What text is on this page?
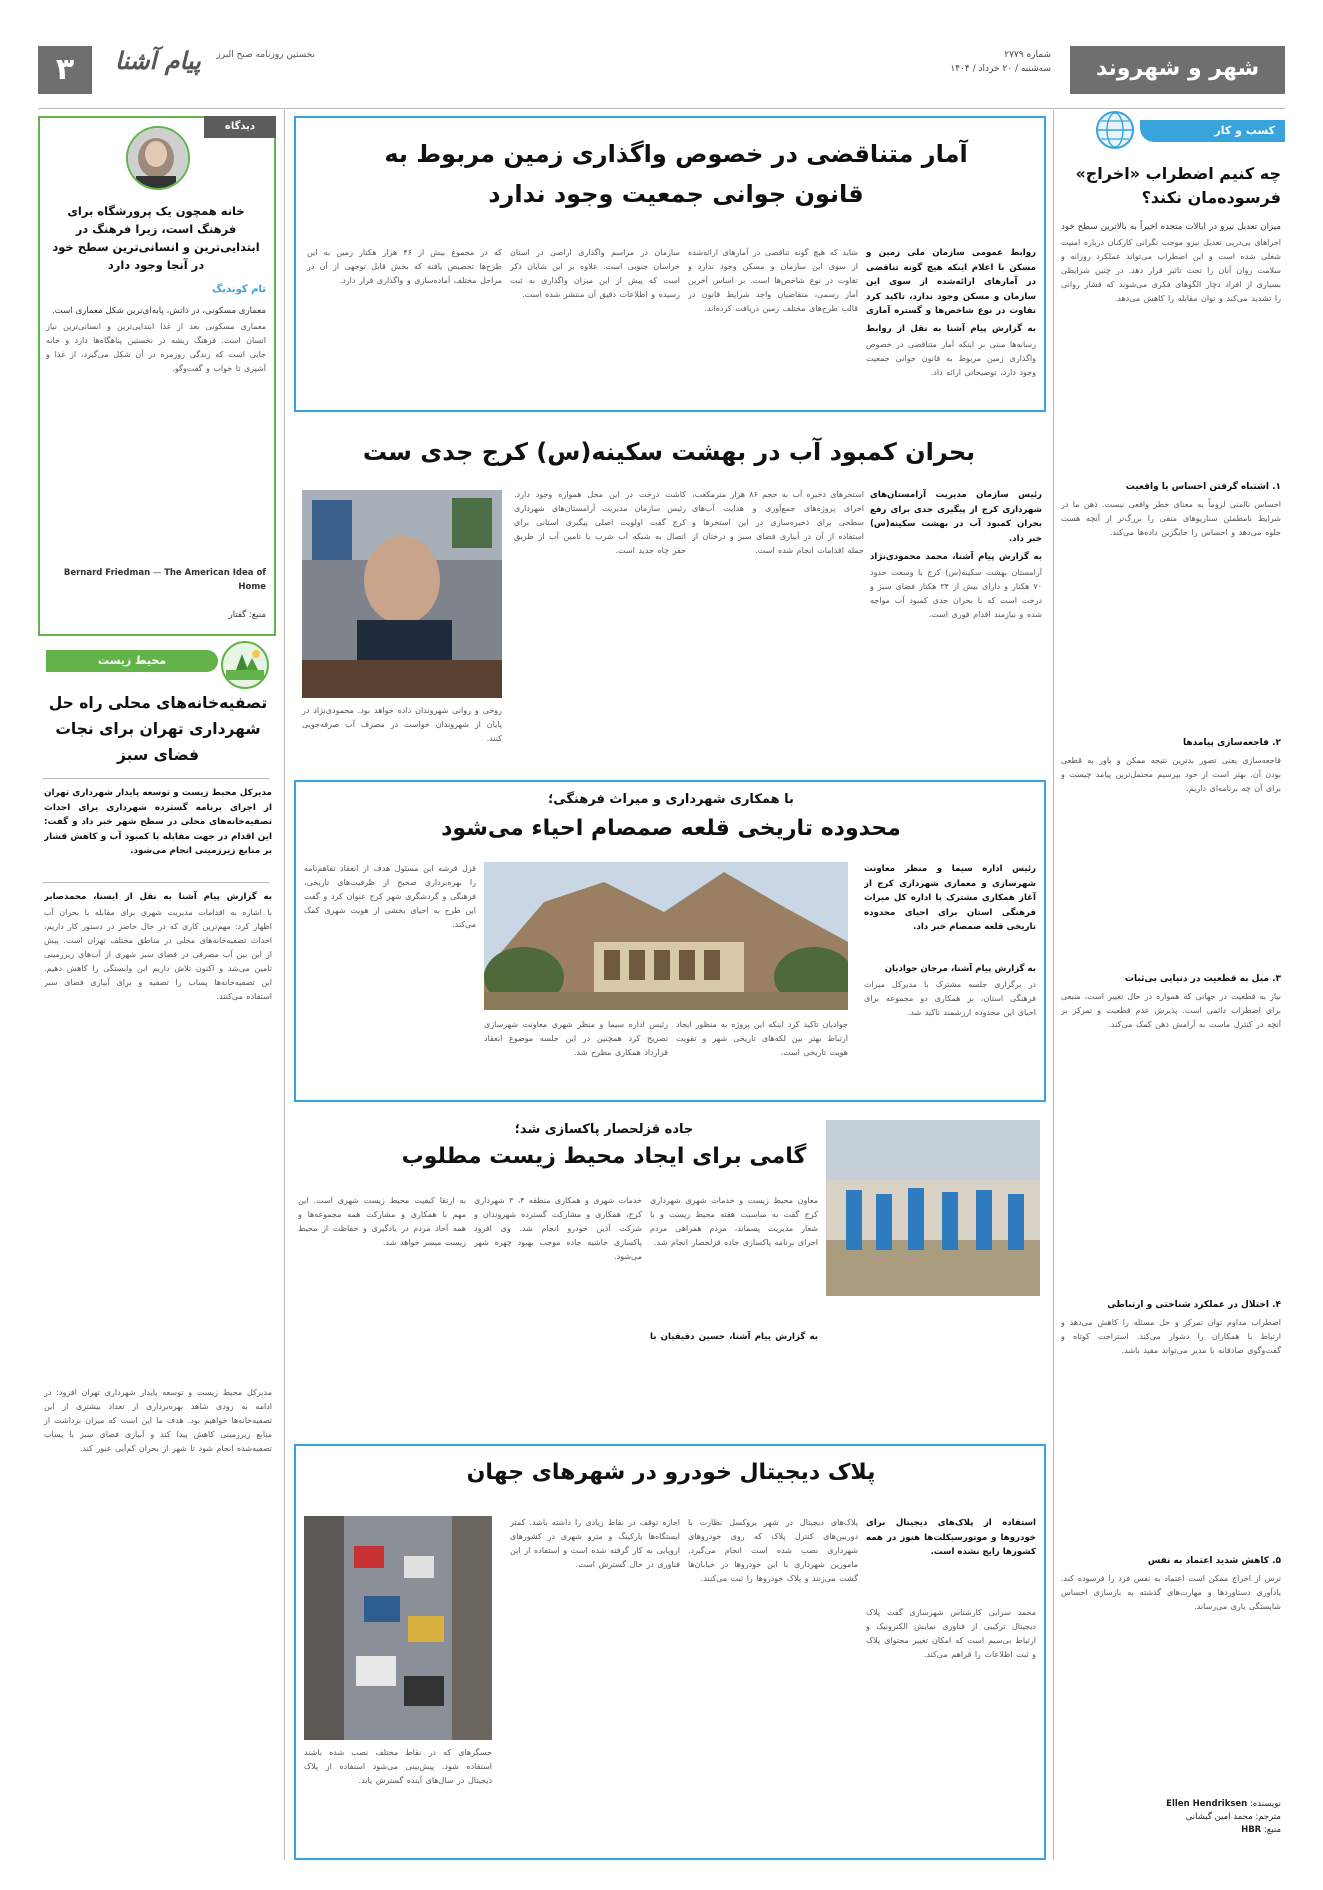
شهر و شهروند
شماره ۲۷۷۹
سه‌شنبه / ۲۰ خرداد / ۱۴۰۴
پیام آشنا نخستین روزنامه صبح البرز
۳
کسب و کار
چه کنیم اضطراب «اخراج» فرسوده‌مان نکند؟
میزان تعدیل نیرو در ایالات متحده اخیراً به بالاترین سطح خود
اجراهای پی‌درپی تعدیل نیرو موجب نگرانی کارکنان درباره امنیت شغلی شده است و این اضطراب می‌تواند عملکرد روزانه و سلامت روان آنان را تحت تاثیر قرار دهد. در چنین شرایطی بسیاری از افراد دچار الگوهای فکری می‌شوند که فشار روانی را تشدید می‌کند و توان مقابله را کاهش می‌دهد.
۱. اشتباه گرفتن احساس با واقعیت
احساس ناامنی لزوماً به معنای خطر واقعی نیست. ذهن ما در شرایط نامطمئن سناریوهای منفی را بزرگ‌تر از آنچه هست جلوه می‌دهد و احساس را جایگزین داده‌ها می‌کند.
۲. فاجعه‌سازی پیامدها
فاجعه‌سازی یعنی تصور بدترین نتیجه ممکن و باور به قطعی بودن آن. بهتر است از خود بپرسیم محتمل‌ترین پیامد چیست و برای آن چه برنامه‌ای داریم.
۳. میل به قطعیت در دنیایی بی‌ثبات
نیاز به قطعیت در جهانی که همواره در حال تغییر است، منبعی برای اضطراب دائمی است. پذیرش عدم قطعیت و تمرکز بر آنچه در کنترل ماست به آرامش ذهن کمک می‌کند.
۴. اختلال در عملکرد شناختی و ارتباطی
اضطراب مداوم توان تمرکز و حل مسئله را کاهش می‌دهد و ارتباط با همکاران را دشوار می‌کند. استراحت کوتاه و گفت‌وگوی صادقانه با مدیر می‌تواند مفید باشد.
۵. کاهش شدید اعتماد به نفس
ترس از اخراج ممکن است اعتماد به نفس فرد را فرسوده کند. یادآوری دستاوردها و مهارت‌های گذشته به بازسازی احساس شایستگی یاری می‌رساند.
نویسنده: Ellen Hendriksen
مترجم: محمد امین گیشانی
منبع: HBR
آمار متناقضی در خصوص واگذاری زمین مربوط به قانون جوانی جمعیت وجود ندارد
روابط عمومی سازمان ملی زمین و مسکن با اعلام اینکه هیچ گونه تناقضی در آمارهای ارائه‌شده از سوی این سازمان و مسکن وجود ندارد، تاکید کرد تفاوت در نوع شاخص‌ها و گستره آماری
به گزارش پیام آشنا به نقل از روابط
رسانه‌ها مبنی بر اینکه آمار متناقضی در خصوص واگذاری زمین مربوط به قانون جوانی جمعیت وجود دارد، توضیحاتی ارائه داد.
شاید که هیچ گونه تناقضی در آمارهای ارائه‌شده از سوی این سازمان و مسکن وجود ندارد و تفاوت در نوع شاخص‌ها است. بر اساس آخرین آمار رسمی، متقاضیان واجد شرایط قانون در قالب طرح‌های مختلف زمین دریافت کرده‌اند.
سازمان در مراسم واگذاری اراضی در استان خراسان جنوبی است. علاوه بر این شایان ذکر است که پیش از این میزان واگذاری به ثبت رسیده و اطلاعات دقیق آن منتشر شده است.
که در مجموع بیش از ۴۶ هزار هکتار زمین به این طرح‌ها تخصیص یافته که بخش قابل توجهی از آن در مراحل مختلف آماده‌سازی و واگذاری قرار دارد.
بحران کمبود آب در بهشت سکینه(س) کرج جدی ست
رئیس سازمان مدیریت آرامستان‌های شهرداری کرج از پیگیری جدی برای رفع بحران کمبود آب در بهشت سکینه(س) خبر داد.
به گزارش پیام آشنا، محمد محمودی‌نژاد
آرامستان بهشت سکینه(س) کرج با وسعت حدود ۷۰ هکتار و دارای بیش از ۳۴ هکتار فضای سبز و درخت است که با بحران جدی کمبود آب مواجه شده و نیازمند اقدام فوری است.
استخرهای ذخیره آب به حجم ۸۶ هزار مترمکعب، اجرای پروژه‌های جمع‌آوری و هدایت آب‌های سطحی برای ذخیره‌سازی در این استخرها و استفاده از آن در آبیاری فضای سبز و درختان از جمله اقدامات انجام شده است.
کاشت درخت در این محل همواره وجود دارد. رئیس سازمان مدیریت آرامستان‌های شهرداری کرج گفت اولویت اصلی پیگیری استانی برای اتصال به شبکه آب شرب یا تامین آب از طریق حفر چاه جدید است.
روحی و روانی شهروندان داده خواهد بود. محمودی‌نژاد در پایان از شهروندان خواست در مصرف آب صرفه‌جویی کنند.
با همکاری شهرداری و میراث فرهنگی؛
محدوده تاریخی قلعه صمصام احیاء می‌شود
رئیس اداره سیما و منظر معاونت شهرسازی و معماری شهرداری کرج از آغاز همکاری مشترک با اداره کل میراث فرهنگی استان برای احیای محدوده تاریخی قلعه صمصام خبر داد.
به گزارش پیام آشنا، مرجان جوادیان
در برگزاری جلسه مشترک با مدیرکل میراث فرهنگی استان، بر همکاری دو مجموعه برای احیای این محدوده ارزشمند تاکید شد.
جوادیان تاکید کرد اینکه این پروژه به منظور ایجاد ارتباط بهتر بین لکه‌های تاریخی شهر و تقویت هویت تاریخی است.
رئیس اداره سیما و منظر شهری معاونت شهرسازی تصریح کرد همچنین در این جلسه موضوع انعقاد قرارداد همکاری مطرح شد.
قزل قرشه این مسئول هدف از انعقاد تفاهم‌نامه را بهره‌برداری صحیح از ظرفیت‌های تاریخی، فرهنگی و گردشگری شهر کرج عنوان کرد و گفت این طرح به احیای بخشی از هویت شهری کمک می‌کند.
جاده قزلحصار پاکسازی شد؛
گامی برای ایجاد محیط زیست مطلوب
معاون محیط زیست و خدمات شهری شهرداری کرج گفت به مناسبت هفته محیط زیست و با شعار مدیریت پسماند، مردم همراهی مردم اجرای برنامه پاکسازی جاده قزلحصار انجام شد.
به گزارش پیام آشنا، حسین دقیقیان با
خدمات شهری و همکاری منطقه ۴، ۳ شهرداری کرج، همکاری و مشارکت گسترده شهروندان و شرکت آذین خودرو انجام شد. وی افزود پاکسازی حاشیه جاده موجب بهبود چهره شهر می‌شود.
به ارتقا کیفیت محیط زیست شهری است. این مهم با همکاری و مشارکت همه مجموعه‌ها و همه آحاد مردم در یادگیری و حفاظت از محیط زیست میسر خواهد شد.
پلاک دیجیتال خودرو در شهرهای جهان
استفاده از پلاک‌های دیجیتال برای خودروها و موتورسیکلت‌ها هنوز در همه کشورها رایج نشده است.
محمد سرابی کارشناس شهرسازی گفت پلاک دیجیتال ترکیبی از فناوری نمایش الکترونیک و ارتباط بی‌سیم است که امکان تغییر محتوای پلاک و ثبت اطلاعات را فراهم می‌کند.
پلاک‌های دیجیتال در شهر بروکسل نظارت با دوربین‌های کنترل پلاک که روی خودروهای شهرداری نصب شده است انجام می‌گیرد. مامورین شهرداری با این خودروها در خیابان‌ها گشت می‌زنند و پلاک خودروها را ثبت می‌کنند.
اجازه توقف در نقاط زیادی را داشته باشد. کمتر ایستگاه‌ها پارکینگ و مترو شهری در کشورهای اروپایی به کار گرفته شده است و استفاده از این فناوری در حال گسترش است.
حسگرهای که در نقاط مختلف نصب شده باشند استفاده شود. پیش‌بینی می‌شود استفاده از پلاک دیجیتال در سال‌های آینده گسترش یابد.
دیدگاه
خانه همچون یک پرورشگاه برای فرهنگ است، زیرا فرهنگ در ابتدایی‌ترین و انسانی‌ترین سطح خود در آنجا وجود دارد
تام کوندیگ
معماری مسکونی، در ذاتش، پایه‌ای‌ترین شکل معماری است.
معماری مسکونی بعد از غذا ابتدایی‌ترین و انسانی‌ترین نیاز انسان است. فرهنگ ریشه در نخستین پناهگاه‌ها دارد و خانه جایی است که زندگی روزمره در آن شکل می‌گیرد، از غذا و آشپزی تا خواب و گفت‌وگو.
Bernard Friedman — The American Idea of Home
منبع: گفتار
محیط زیست
تصفیه‌خانه‌های محلی راه حل شهرداری تهران برای نجات فضای سبز
مدیرکل محیط زیست و توسعه پایدار شهرداری تهران از اجرای برنامه گسترده شهرداری برای احداث تصفیه‌خانه‌های محلی در سطح شهر خبر داد و گفت: این اقدام در جهت مقابله با کمبود آب و کاهش فشار بر منابع زیرزمینی انجام می‌شود.
به گزارش پیام آشنا به نقل از ایسنا، محمدصابر
با اشاره به اقدامات مدیریت شهری برای مقابله با بحران آب اظهار کرد: مهم‌ترین کاری که در حال حاضر در دستور کار داریم، احداث تصفیه‌خانه‌های محلی در مناطق مختلف تهران است. پیش از این بین آب مصرفی در فضای سبز شهری از آب‌های زیرزمینی تامین می‌شد و اکنون تلاش داریم این وابستگی را کاهش دهیم. این تصفیه‌خانه‌ها پساب را تصفیه و برای آبیاری فضای سبز استفاده می‌کنند.
مدیرکل محیط زیست و توسعه پایدار شهرداری تهران افزود: در ادامه به زودی شاهد بهره‌برداری از تعداد بیشتری از این تصفیه‌خانه‌ها خواهیم بود. هدف ما این است که میزان برداشت از منابع زیرزمینی کاهش پیدا کند و آبیاری فضای سبز با پساب تصفیه‌شده انجام شود تا شهر از بحران کم‌آبی عبور کند.
